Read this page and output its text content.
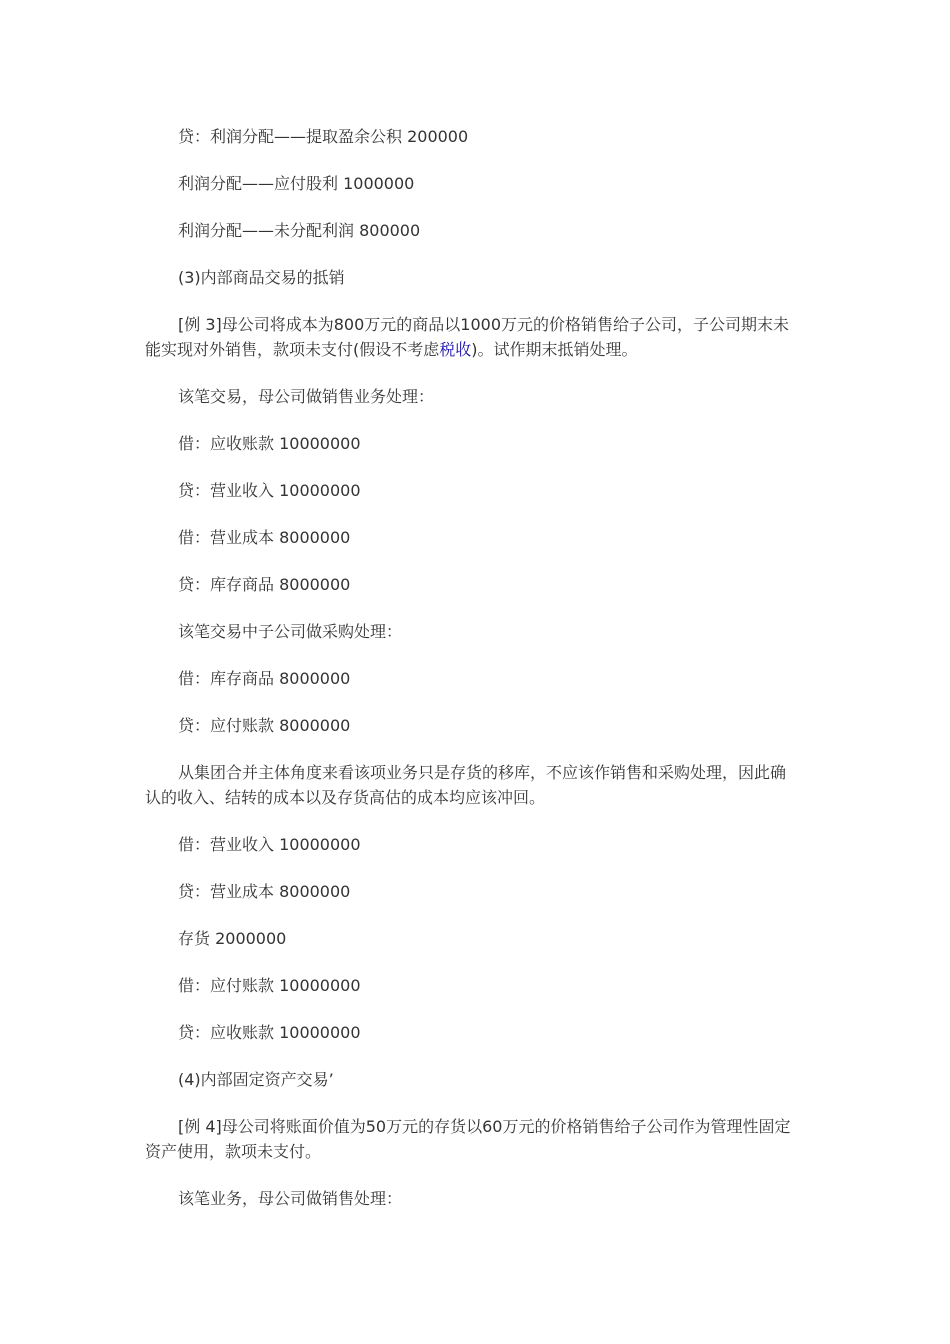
贷：利润分配——提取盈余公积 200000

利润分配——应付股利 1000000

利润分配——未分配利润 800000

(3)内部商品交易的抵销

[例 3]母公司将成本为800万元的商品以1000万元的价格销售给子公司，子公司期末未能实现对外销售，款项未支付(假设不考虑税收)。试作期末抵销处理。

该笔交易，母公司做销售业务处理：

借：应收账款 10000000

贷：营业收入 10000000

借：营业成本 8000000

贷：库存商品 8000000

该笔交易中子公司做采购处理：

借：库存商品 8000000

贷：应付账款 8000000

从集团合并主体角度来看该项业务只是存货的移库，不应该作销售和采购处理，因此确认的收入、结转的成本以及存货高估的成本均应该冲回。

借：营业收入 10000000

贷：营业成本 8000000

存货 2000000

借：应付账款 10000000

贷：应收账款 10000000

(4)内部固定资产交易’

[例 4]母公司将账面价值为50万元的存货以60万元的价格销售给子公司作为管理性固定资产使用，款项未支付。

该笔业务，母公司做销售处理：
